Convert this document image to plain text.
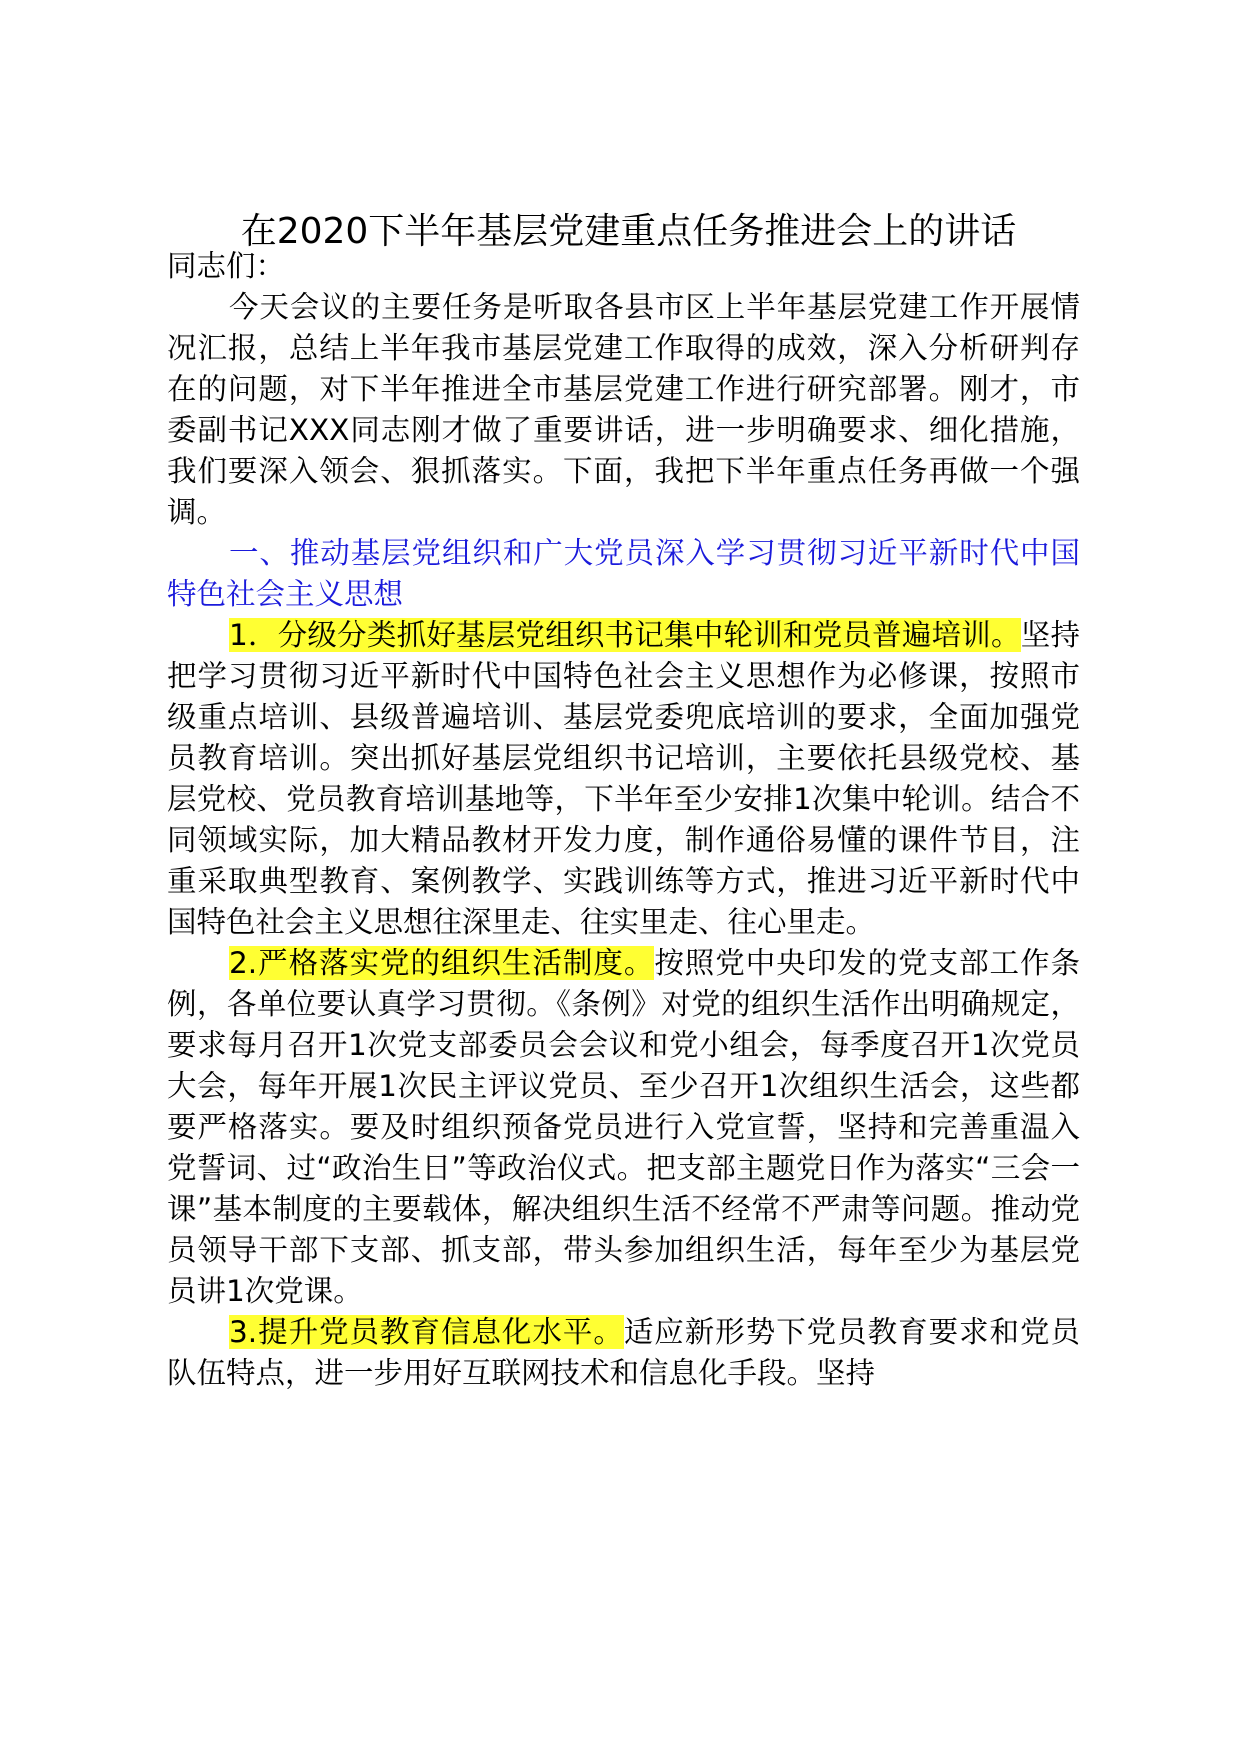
在2020下半年基层党建重点任务推进会上的讲话

同志们：

今天会议的主要任务是听取各县市区上半年基层党建工作开展情况汇报，总结上半年我市基层党建工作取得的成效，深入分析研判存在的问题，对下半年推进全市基层党建工作进行研究部署。刚才，市委副书记XXX同志刚才做了重要讲话，进一步明确要求、细化措施，我们要深入领会、狠抓落实。下面，我把下半年重点任务再做一个强调。

一、推动基层党组织和广大党员深入学习贯彻习近平新时代中国特色社会主义思想

1．分级分类抓好基层党组织书记集中轮训和党员普遍培训。坚持把学习贯彻习近平新时代中国特色社会主义思想作为必修课，按照市级重点培训、县级普遍培训、基层党委兜底培训的要求，全面加强党员教育培训。突出抓好基层党组织书记培训，主要依托县级党校、基层党校、党员教育培训基地等，下半年至少安排1次集中轮训。结合不同领域实际，加大精品教材开发力度，制作通俗易懂的课件节目，注重采取典型教育、案例教学、实践训练等方式，推进习近平新时代中国特色社会主义思想往深里走、往实里走、往心里走。

2.严格落实党的组织生活制度。按照党中央印发的党支部工作条例，各单位要认真学习贯彻。《条例》对党的组织生活作出明确规定，要求每月召开1次党支部委员会会议和党小组会，每季度召开1次党员大会，每年开展1次民主评议党员、至少召开1次组织生活会，这些都要严格落实。要及时组织预备党员进行入党宣誓，坚持和完善重温入党誓词、过“政治生日”等政治仪式。把支部主题党日作为落实“三会一课”基本制度的主要载体，解决组织生活不经常不严肃等问题。推动党员领导干部下支部、抓支部，带头参加组织生活，每年至少为基层党员讲1次党课。

3.提升党员教育信息化水平。适应新形势下党员教育要求和党员队伍特点，进一步用好互联网技术和信息化手段。坚持
